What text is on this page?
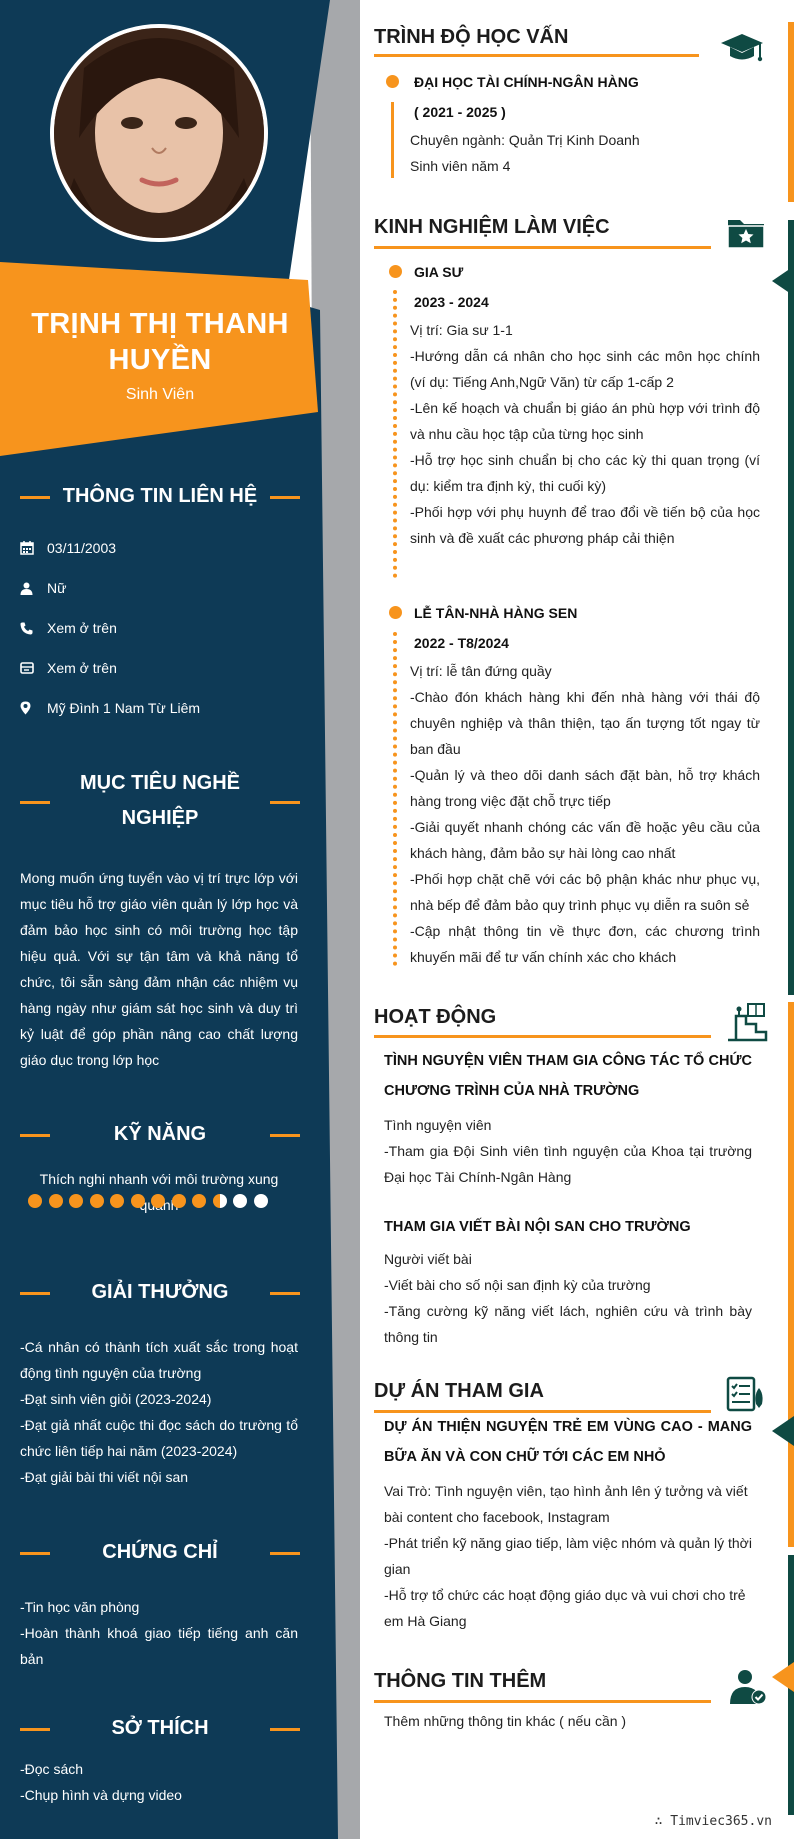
TRỊNH THỊ THANH HUYỀN
Sinh Viên
THÔNG TIN LIÊN HỆ
03/11/2003
Nữ
Xem ở trên
Xem ở trên
Mỹ Đình 1 Nam Từ Liêm
MỤC TIÊU NGHỀ
NGHIỆP
Mong muốn ứng tuyển vào vị trí trực lớp với mục tiêu hỗ trợ giáo viên quản lý lớp học và đảm bảo học sinh có môi trường học tập hiệu quả. Với sự tận tâm và khả năng tổ chức, tôi sẵn sàng đảm nhận các nhiệm vụ hàng ngày như giám sát học sinh và duy trì kỷ luật để góp phần nâng cao chất lượng giáo dục trong lớp học
KỸ NĂNG
Thích nghi nhanh với môi trường xung
GIẢI THƯỞNG
-Cá nhân có thành tích xuất sắc trong hoạt động tình nguyện của trường
-Đạt sinh viên giỏi (2023-2024)
-Đạt giả nhất cuộc thi đọc sách do trường tổ chức liên tiếp hai năm (2023-2024)
-Đạt giải bài thi viết nội san
CHỨNG CHỈ
-Tin học văn phòng
-Hoàn thành khoá giao tiếp tiếng anh căn bản
SỞ THÍCH
-Đọc sách
-Chụp hình và dựng video
TRÌNH ĐỘ HỌC VẤN
ĐẠI HỌC TÀI CHÍNH-NGÂN HÀNG
( 2021 - 2025 )
Chuyên ngành: Quản Trị Kinh Doanh
Sinh viên năm 4
KINH NGHIỆM LÀM VIỆC
GIA SƯ
2023 - 2024
Vị trí: Gia sư 1-1
-Hướng dẫn cá nhân cho học sinh các môn học chính (ví dụ: Tiếng Anh,Ngữ Văn) từ cấp 1-cấp 2
-Lên kế hoạch và chuẩn bị giáo án phù hợp với trình độ và nhu cầu học tập của từng học sinh
-Hỗ trợ học sinh chuẩn bị cho các kỳ thi quan trọng (ví dụ: kiểm tra định kỳ, thi cuối kỳ)
-Phối hợp với phụ huynh để trao đổi về tiến bộ của học sinh và đề xuất các phương pháp cải thiện
LỄ TÂN-NHÀ HÀNG SEN
2022 - T8/2024
Vị trí: lễ tân đứng quầy
-Chào đón khách hàng khi đến nhà hàng với thái độ chuyên nghiệp và thân thiện, tạo ấn tượng tốt ngay từ ban đầu
-Quản lý và theo dõi danh sách đặt bàn, hỗ trợ khách hàng trong việc đặt chỗ trực tiếp
-Giải quyết nhanh chóng các vấn đề hoặc yêu cầu của khách hàng, đảm bảo sự hài lòng cao nhất
-Phối hợp chặt chẽ với các bộ phận khác như phục vụ, nhà bếp để đảm bảo quy trình phục vụ diễn ra suôn sẻ
-Cập nhật thông tin về thực đơn, các chương trình khuyến mãi để tư vấn chính xác cho khách
HOẠT ĐỘNG
TÌNH NGUYỆN VIÊN THAM GIA CÔNG TÁC TỔ CHỨC CHƯƠNG TRÌNH CỦA NHÀ TRƯỜNG
Tình nguyện viên
-Tham gia Đội Sinh viên tình nguyện của Khoa tại trường Đại học Tài Chính-Ngân Hàng
THAM GIA VIẾT BÀI NỘI SAN CHO TRƯỜNG
Người viết bài
-Viết bài cho số nội san định kỳ của trường
-Tăng cường kỹ năng viết lách, nghiên cứu và trình bày thông tin
DỰ ÁN THAM GIA
DỰ ÁN THIỆN NGUYỆN TRẺ EM VÙNG CAO - MANG BỮA ĂN VÀ CON CHỮ TỚI CÁC EM NHỎ
Vai Trò: Tình nguyện viên, tạo hình ảnh lên ý tưởng và viết bài content cho facebook, Instagram
-Phát triển kỹ năng giao tiếp, làm việc nhóm và quản lý thời gian
-Hỗ trợ tổ chức các hoạt động giáo dục và vui chơi cho trẻ em Hà Giang
THÔNG TIN THÊM
Thêm những thông tin khác ( nếu cần )
∴ Timviec365.vn
